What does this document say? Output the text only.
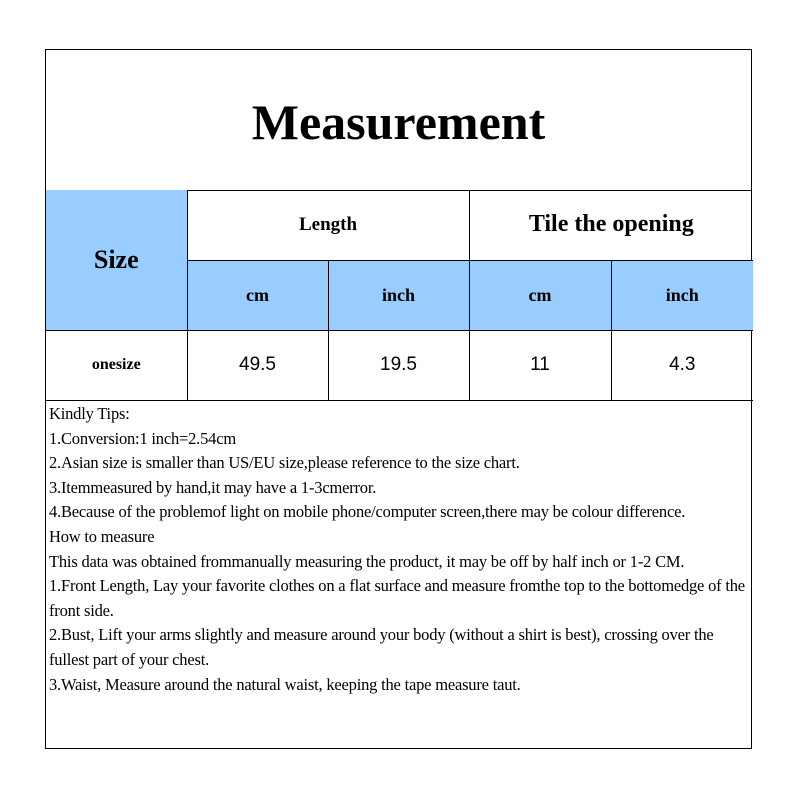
Measurement
Size	Length		Tile the opening	
	cm	inch	cm	inch
onesize	49.5	19.5	11	4.3
Kindly Tips:
1.Conversion:1 inch=2.54cm
2.Asian size is smaller than US/EU size,please reference to the size chart.
3.Itemmeasured by hand,it may have a 1-3cmerror.
4.Because of the problemof light on mobile phone/computer screen,there may be colour difference.
How to measure
This data was obtained frommanually measuring the product, it may be off by half inch or 1-2 CM.
1.Front Length, Lay your favorite clothes on a flat surface and measure fromthe top to the bottomedge of the front side.
2.Bust, Lift your arms slightly and measure around your body (without a shirt is best), crossing over the fullest part of your chest.
3.Waist, Measure around the natural waist, keeping the tape measure taut.
